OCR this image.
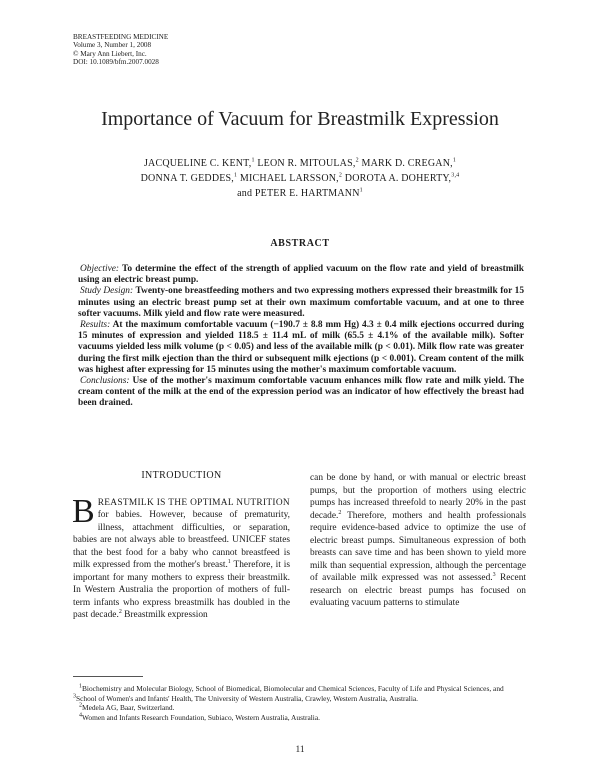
BREASTFEEDING MEDICINE
Volume 3, Number 1, 2008
© Mary Ann Liebert, Inc.
DOI: 10.1089/bfm.2007.0028
Importance of Vacuum for Breastmilk Expression
JACQUELINE C. KENT,$^1$ LEON R. MITOULAS,$^2$ MARK D. CREGAN,$^1$
DONNA T. GEDDES,$^1$ MICHAEL LARSSON,$^2$ DOROTA A. DOHERTY,$^{3,4}$
and PETER E. HARTMANN$^1$
ABSTRACT

Objective: To determine the effect of the strength of applied vacuum on the flow rate and yield of breastmilk using an electric breast pump.

Study Design: Twenty-one breastfeeding mothers and two expressing mothers expressed their breastmilk for 15 minutes using an electric breast pump set at their own maximum comfortable vacuum, and at one to three softer vacuums. Milk yield and flow rate were measured.

Results: At the maximum comfortable vacuum (−190.7 ± 8.8 mm Hg) 4.3 ± 0.4 milk ejections occurred during 15 minutes of expression and yielded 118.5 ± 11.4 mL of milk (65.5 ± 4.1% of the available milk). Softer vacuums yielded less milk volume (p < 0.05) and less of the available milk (p < 0.01). Milk flow rate was greater during the first milk ejection than the third or subsequent milk ejections (p < 0.001). Cream content of the milk was highest after expressing for 15 minutes using the mother's maximum comfortable vacuum.

Conclusions: Use of the mother's maximum comfortable vacuum enhances milk flow rate and milk yield. The cream content of the milk at the end of the expression period was an indicator of how effectively the breast had been drained.

INTRODUCTION

BREASTMILK IS THE OPTIMAL NUTRITION for babies. However, because of prematurity, illness, attachment difficulties, or separation, babies are not always able to breastfeed. UNICEF states that the best food for a baby who cannot breastfeed is milk expressed from the mother's breast.$^1$ Therefore, it is important for many mothers to express their breastmilk. In Western Australia the proportion of mothers of full-term infants who express breastmilk has doubled in the past decade.$^2$ Breastmilk expression

can be done by hand, or with manual or electric breast pumps, but the proportion of mothers using electric pumps has increased threefold to nearly 20% in the past decade.$^2$ Therefore, mothers and health professionals require evidence-based advice to optimize the use of electric breast pumps. Simultaneous expression of both breasts can save time and has been shown to yield more milk than sequential expression, although the percentage of available milk expressed was not assessed.$^3$ Recent research on electric breast pumps has focused on evaluating vacuum patterns to stimulate

$^1$Biochemistry and Molecular Biology, School of Biomedical, Biomolecular and Chemical Sciences, Faculty of Life and Physical Sciences, and $^3$School of Women's and Infants' Health, The University of Western Australia, Crawley, Western Australia, Australia.

$^2$Medela AG, Baar, Switzerland.

$^4$Women and Infants Research Foundation, Subiaco, Western Australia, Australia.

11
